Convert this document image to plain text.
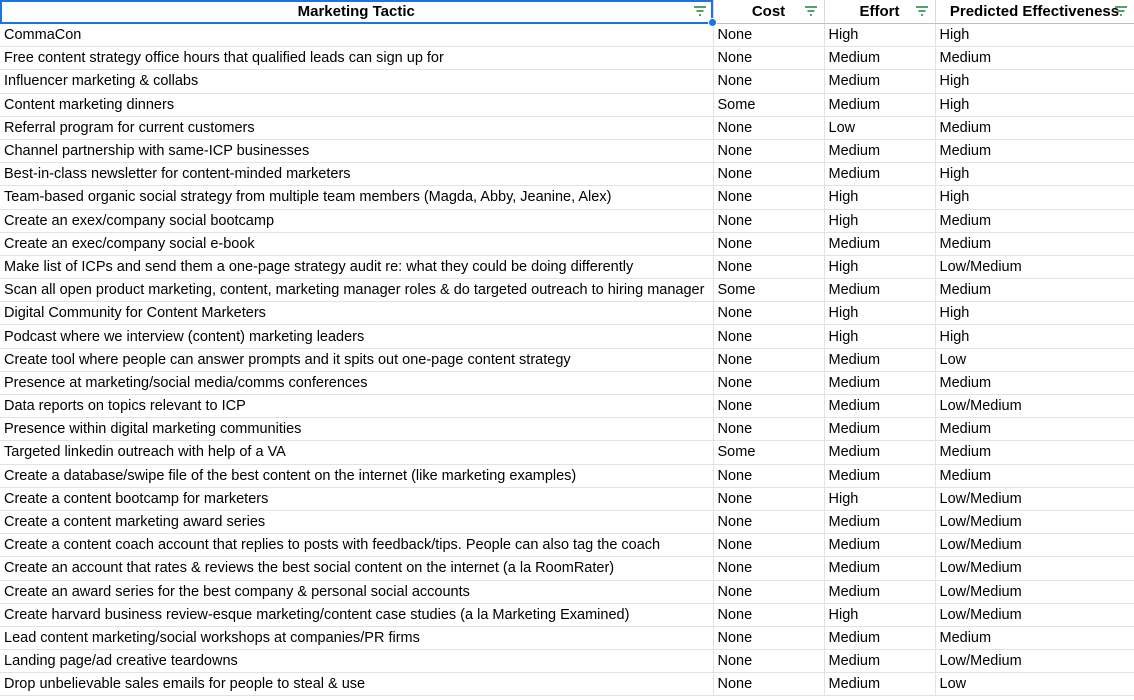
Marketing Tactic	Cost	Effort	Predicted Effectiveness

CommaCon	None	High	High
Free content strategy office hours that qualified leads can sign up for	None	Medium	Medium
Influencer marketing & collabs	None	Medium	High
Content marketing dinners	Some	Medium	High
Referral program for current customers	None	Low	Medium
Channel partnership with same-ICP businesses	None	Medium	Medium
Best-in-class newsletter for content-minded marketers	None	Medium	High
Team-based organic social strategy from multiple team members (Magda, Abby, Jeanine, Alex)	None	High	High
Create an exex/company social bootcamp	None	High	Medium
Create an exec/company social e-book	None	Medium	Medium
Make list of ICPs and send them a one-page strategy audit re: what they could be doing differently	None	High	Low/Medium
Scan all open product marketing, content, marketing manager roles & do targeted outreach to hiring manager	Some	Medium	Medium
Digital Community for Content Marketers	None	High	High
Podcast where we interview (content) marketing leaders	None	High	High
Create tool where people can answer prompts and it spits out one-page content strategy	None	Medium	Low
Presence at marketing/social media/comms conferences	None	Medium	Medium
Data reports on topics relevant to ICP	None	Medium	Low/Medium
Presence within digital marketing communities	None	Medium	Medium
Targeted linkedin outreach with help of a VA	Some	Medium	Medium
Create a database/swipe file of the best content on the internet (like marketing examples)	None	Medium	Medium
Create a content bootcamp for marketers	None	High	Low/Medium
Create a content marketing award series	None	Medium	Low/Medium
Create a content coach account that replies to posts with feedback/tips. People can also tag the coach	None	Medium	Low/Medium
Create an account that rates & reviews the best social content on the internet (a la RoomRater)	None	Medium	Low/Medium
Create an award series for the best company & personal social accounts	None	Medium	Low/Medium
Create harvard business review-esque marketing/content case studies (a la Marketing Examined)	None	High	Low/Medium
Lead content marketing/social workshops at companies/PR firms	None	Medium	Medium
Landing page/ad creative teardowns	None	Medium	Low/Medium
Drop unbelievable sales emails for people to steal & use	None	Medium	Low
